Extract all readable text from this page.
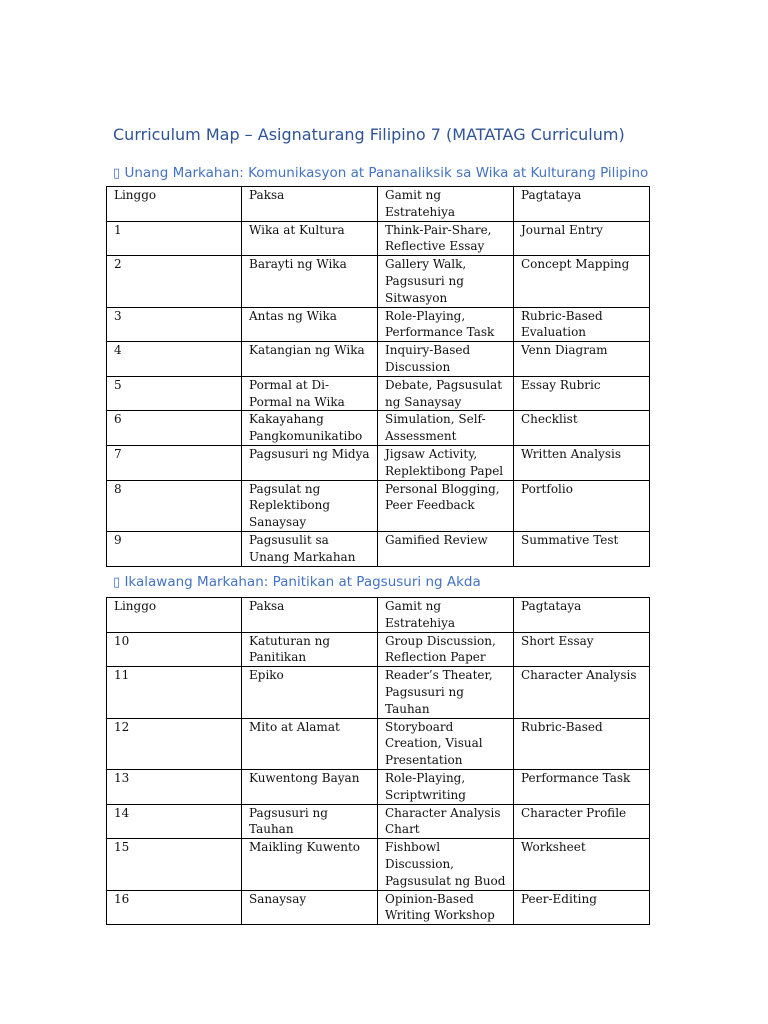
Curriculum Map – Asignaturang Filipino 7 (MATATAG Curriculum)
▯ Unang Markahan: Komunikasyon at Pananaliksik sa Wika at Kulturang Pilipino
Linggo	Paksa	Gamit ng Estratehiya	Pagtataya
1	Wika at Kultura	Think-Pair-Share, Reflective Essay	Journal Entry
2	Barayti ng Wika	Gallery Walk, Pagsusuri ng Sitwasyon	Concept Mapping
3	Antas ng Wika	Role-Playing, Performance Task	Rubric-Based Evaluation
4	Katangian ng Wika	Inquiry-Based Discussion	Venn Diagram
5	Pormal at Di-Pormal na Wika	Debate, Pagsusulat ng Sanaysay	Essay Rubric
6	Kakayahang Pangkomunikatibo	Simulation, Self-Assessment	Checklist
7	Pagsusuri ng Midya	Jigsaw Activity, Replektibong Papel	Written Analysis
8	Pagsulat ng Replektibong Sanaysay	Personal Blogging, Peer Feedback	Portfolio
9	Pagsusulit sa Unang Markahan	Gamified Review	Summative Test
▯ Ikalawang Markahan: Panitikan at Pagsusuri ng Akda
Linggo	Paksa	Gamit ng Estratehiya	Pagtataya
10	Katuturan ng Panitikan	Group Discussion, Reflection Paper	Short Essay
11	Epiko	Reader’s Theater, Pagsusuri ng Tauhan	Character Analysis
12	Mito at Alamat	Storyboard Creation, Visual Presentation	Rubric-Based
13	Kuwentong Bayan	Role-Playing, Scriptwriting	Performance Task
14	Pagsusuri ng Tauhan	Character Analysis Chart	Character Profile
15	Maikling Kuwento	Fishbowl Discussion, Pagsusulat ng Buod	Worksheet
16	Sanaysay	Opinion-Based Writing Workshop	Peer-Editing
